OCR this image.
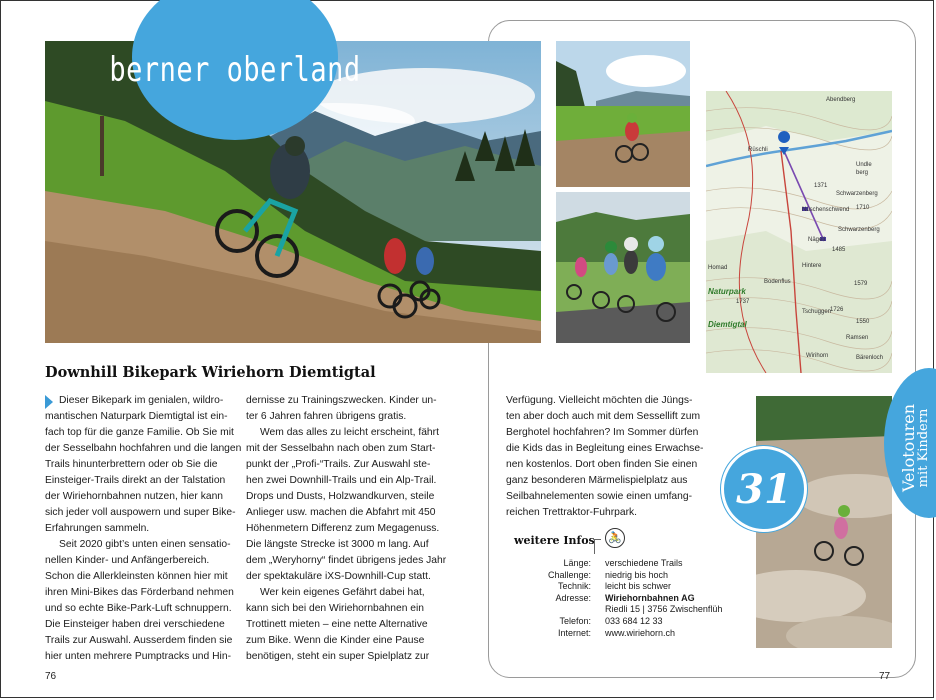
berner oberland
Abendberg
Rüschli
Undle
berg
Schwarzenberg
Nüschenschwend
Nägeli
Schwarzenberg
Homad	Hintere
Bodenflus
Tschuggen
Wirihorn
Ramsen
Bärenloch
1737
1726
1371
1710
1485
1579
1550
Naturpark
Diemtigtal
Velotouren
mit Kindern
31
Downhill Bikepark Wiriehorn Diemtigtal

Dieser Bikepark im genialen, wildro-

mantischen Naturpark Diemtigtal ist ein-

fach top für die ganze Familie. Ob Sie mit

der Sesselbahn hochfahren und die langen

Trails hinunterbrettern oder ob Sie die

Einsteiger-Trails direkt an der Talstation

der Wiriehornbahnen nutzen, hier kann

sich jeder voll auspowern und super Bike-

Erfahrungen sammeln.

Seit 2020 gibt’s unten einen sensatio-

nellen Kinder- und Anfängerbereich.

Schon die Allerkleinsten können hier mit

ihren Mini-Bikes das Förderband nehmen

und so echte Bike-Park-Luft schnuppern.

Die Einsteiger haben drei verschiedene

Trails zur Auswahl. Ausserdem finden sie

hier unten mehrere Pumptracks und Hin-

dernisse zu Trainingszwecken. Kinder un-

ter 6 Jahren fahren übrigens gratis.

Wem das alles zu leicht erscheint, fährt

mit der Sesselbahn nach oben zum Start-

punkt der „Profi-“Trails. Zur Auswahl ste-

hen zwei Downhill-Trails und ein Alp-Trail.

Drops und Dusts, Holzwandkurven, steile

Anlieger usw. machen die Abfahrt mit 450

Höhenmetern Differenz zum Megagenuss.

Die längste Strecke ist 3000 m lang. Auf

dem „Weryhorny“ findet übrigens jedes Jahr

der spektakuläre iXS-Downhill-Cup statt.

Wer kein eigenes Gefährt dabei hat,

kann sich bei den Wiriehornbahnen ein

Trottinett mieten – eine nette Alternative

zum Bike. Wenn die Kinder eine Pause

benötigen, steht ein super Spielplatz zur

Verfügung. Vielleicht möchten die Jüngs-

ten aber doch auch mit dem Sessellift zum

Berghotel hochfahren? Im Sommer dürfen

die Kids das in Begleitung eines Erwachse-

nen kostenlos. Dort oben finden Sie einen

ganz besonderen Märmelispielplatz aus

Seilbahnelementen sowie einen umfang-

reichen Trettraktor-Fuhrpark.

weitere Infos 🚴
Länge:	verschiedene Trails
Challenge:	niedrig bis hoch
Technik:	leicht bis schwer
Adresse:	Wiriehornbahnen AG
Riedli 15 | 3756 Zwischenflüh
Telefon:	033 684 12 33
Internet:	www.wiriehorn.ch
76	77
